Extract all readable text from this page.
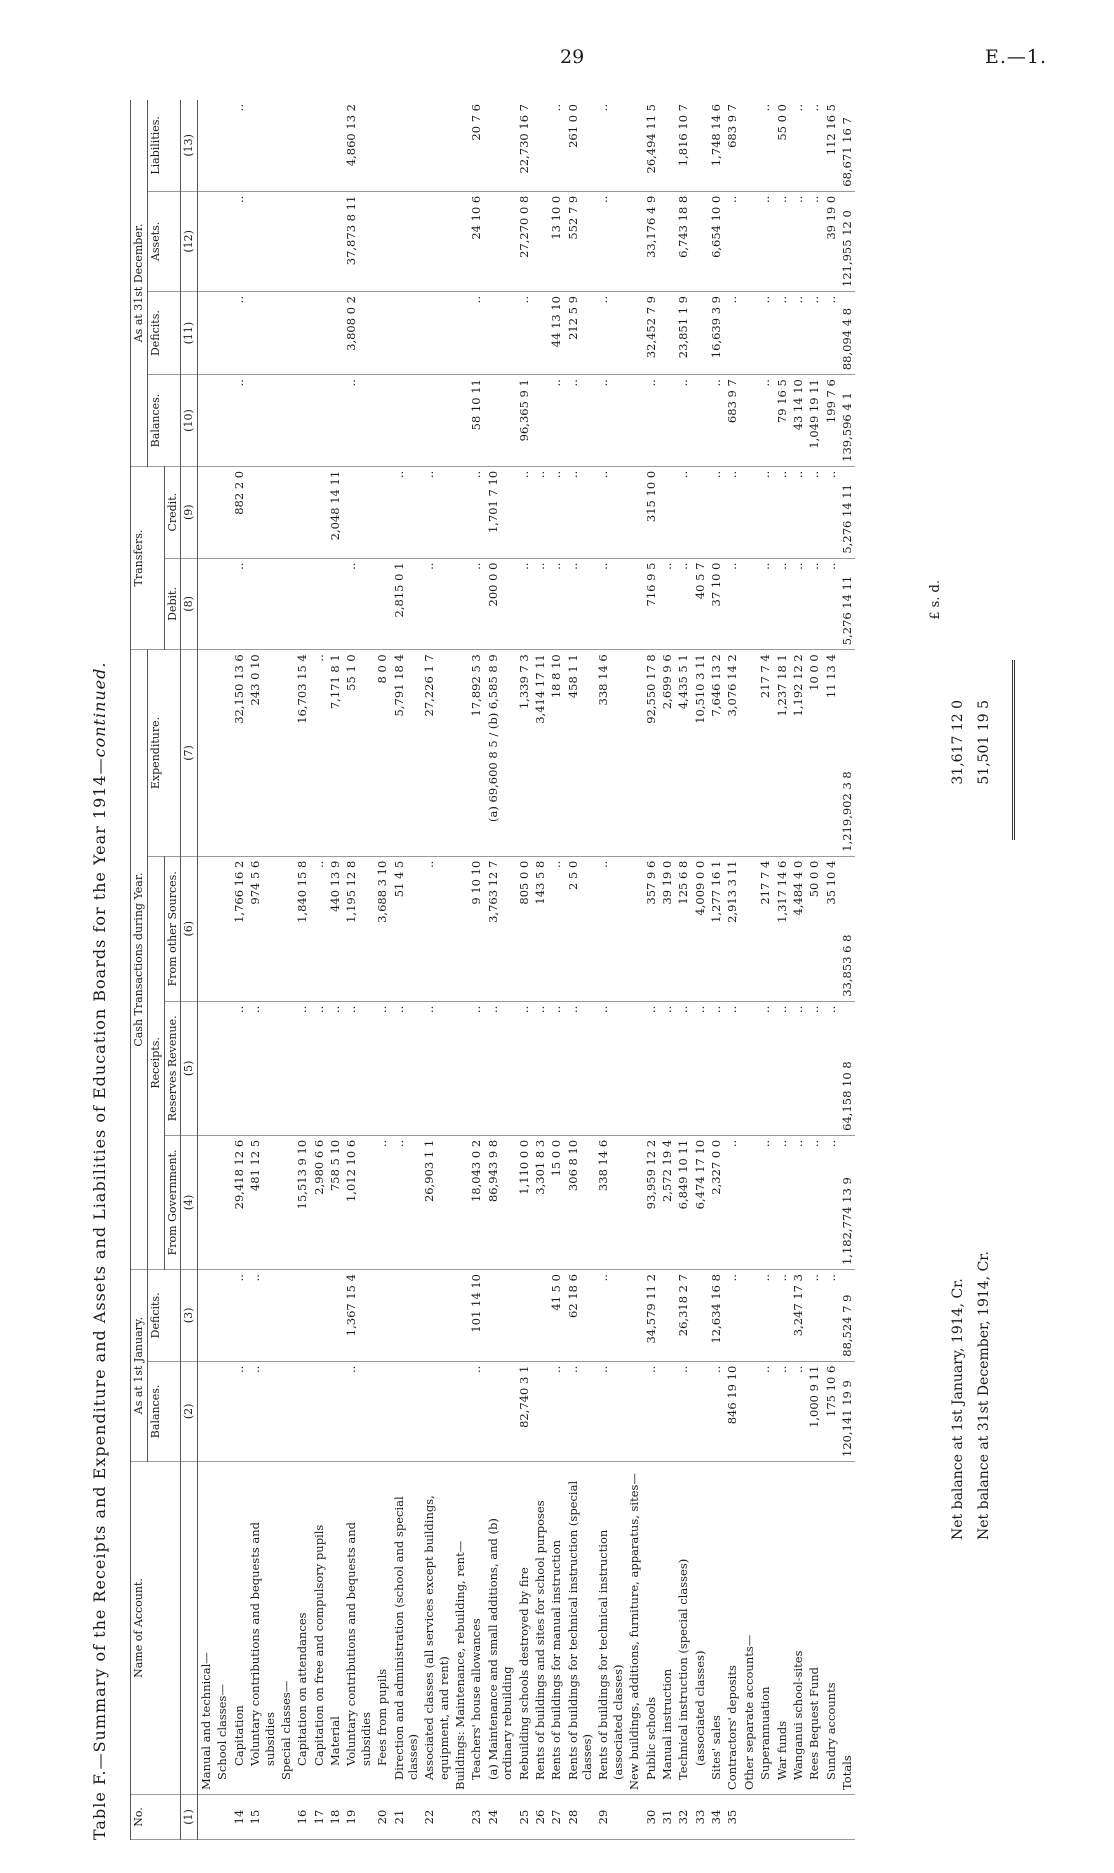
29	E.—1.
Table F.—Summary of the Receipts and Expenditure and Assets and Liabilities of Education Boards for the Year 1914—continued.
No.	Name of Account.	As at 1st January.		Cash Transactions during Year.				Transfers.		As at 31st December.			
		Balances.	Deficits.	Receipts.			Expenditure.			Balances.	Deficits.	Assets.	Liabilities.
				From Government.	Reserves Revenue.	From other Sources.		Debit.	Credit.				
(1)		(2)	(3)	(4)	(5)	(6)	(7)	(8)	(9)	(10)	(11)	(12)	(13)
	Manual and technical—												
	School classes—												
14	Capitation	..	..	29,418 12 6	..	1,766 16 2	32,150 13 6	..	882 2 0	..	..	..	..
15	Voluntary contributions and bequests and subsidies	..	..	481 12 5	..	974 5 6	243 0 10						
	Special classes—												
16	Capitation on attendances			15,513 9 10	..	1,840 15 8	16,703 15 4						
17	Capitation on free and compulsory pupils			2,980 6 6	..	..	..						
18	Material			758 5 10	..	440 13 9	7,171 8 1		2,048 14 11				
19	Voluntary contributions and bequests and subsidies	..	1,367 15 4	1,012 10 6	..	1,195 12 8	55 1 0	..		..	3,808 0 2	37,873 8 11	4,860 13 2
20	Fees from pupils			..	..	3,688 3 10	8 0 0						
21	Direction and administration (school and special classes)			..	..	51 4 5	5,791 18 4	2,815 0 1	..				
22	Associated classes (all services except buildings, equipment, and rent)			26,903 1 1	..	..	27,226 1 7	..	..				
	Buildings: Maintenance, rebuilding, rent—												
23	Teachers' house allowances	..	101 14 10	18,043 0 2	..	9 10 10	17,892 5 3	..	..	58 10 11	..	24 10 6	20 7 6
24	(a) Maintenance and small additions, and (b) ordinary rebuilding			86,943 9 8	..	3,763 12 7	(a) 69,600 8 5 / (b) 6,585 8 9	200 0 0	1,701 7 10				
25	Rebuilding schools destroyed by fire	82,740 3 1		1,110 0 0	..	805 0 0	1,339 7 3	..	..	96,365 9 1	..	27,270 0 8	22,730 16 7
26	Rents of buildings and sites for school purposes			3,301 8 3	..	143 5 8	3,414 17 11	..	..				
27	Rents of buildings for manual instruction	..	41 5 0	15 0 0	..	..	18 8 10	..	..	..	44 13 10	13 10 0	..
28	Rents of buildings for technical instruction (special classes)	..	62 18 6	306 8 10	..	2 5 0	458 1 1	..	..	..	212 5 9	552 7 9	261 0 0
29	Rents of buildings for technical instruction (associated classes)	..	..	338 14 6	..	..	338 14 6	..	..	..	..	..	..
	New buildings, additions, furniture, apparatus, sites—												
30	Public schools	..	34,579 11 2	93,959 12 2	..	357 9 6	92,550 17 8	716 9 5	315 10 0	..	32,452 7 9	33,176 4 9	26,494 11 5
31	Manual instruction			2,572 19 4	..	39 19 0	2,699 9 6	..					
32	Technical instruction (special classes)	..	26,318 2 7	6,849 10 11	..	125 6 8	4,435 5 1	..	..	..	23,851 1 9	6,743 18 8	1,816 10 7
33	(associated classes)			6,474 17 10	..	4,009 0 0	10,510 3 11	40 5 7					
34	Sites' sales	..	12,634 16 8	2,327 0 0	..	1,277 16 1	7,646 13 2	37 10 0	..	..	16,639 3 9	6,654 10 0	1,748 14 6
35	Contractors' deposits	846 19 10	..	..	..	2,913 3 11	3,076 14 2	..	..	683 9 7	..	..	683 9 7
	Other separate accounts—												
	Superannuation	..	..	..	..	217 7 4	217 7 4	..	..	..	..	..	..
	War funds	..	..	..	..	1,317 14 6	1,237 18 1	..	..	79 16 5	..	..	55 0 0
	Wanganui school-sites	..	3,247 17 3	..	..	4,484 4 0	1,192 12 2	..	..	43 14 10	..	..	..
	Rees Bequest Fund	1,000 9 11	..	..	..	50 0 0	10 0 0	..	..	1,049 19 11	..	..	..
	Sundry accounts	175 10 6	..	..	..	35 10 4	11 13 4	..	..	199 7 6	..	39 19 0	112 16 5
	Totals	120,141 19 9	88,524 7 9	1,182,774 13 9	64,158 10 8	33,853 6 8	1,219,902 3 8	5,276 14 11	5,276 14 11	139,596 4 1	88,094 4 8	121,955 12 0	68,671 16 7
£ s. d.
Net balance at 1st January, 1914, Cr.
31,617 12 0
Net balance at 31st December, 1914, Cr.
51,501 19 5
